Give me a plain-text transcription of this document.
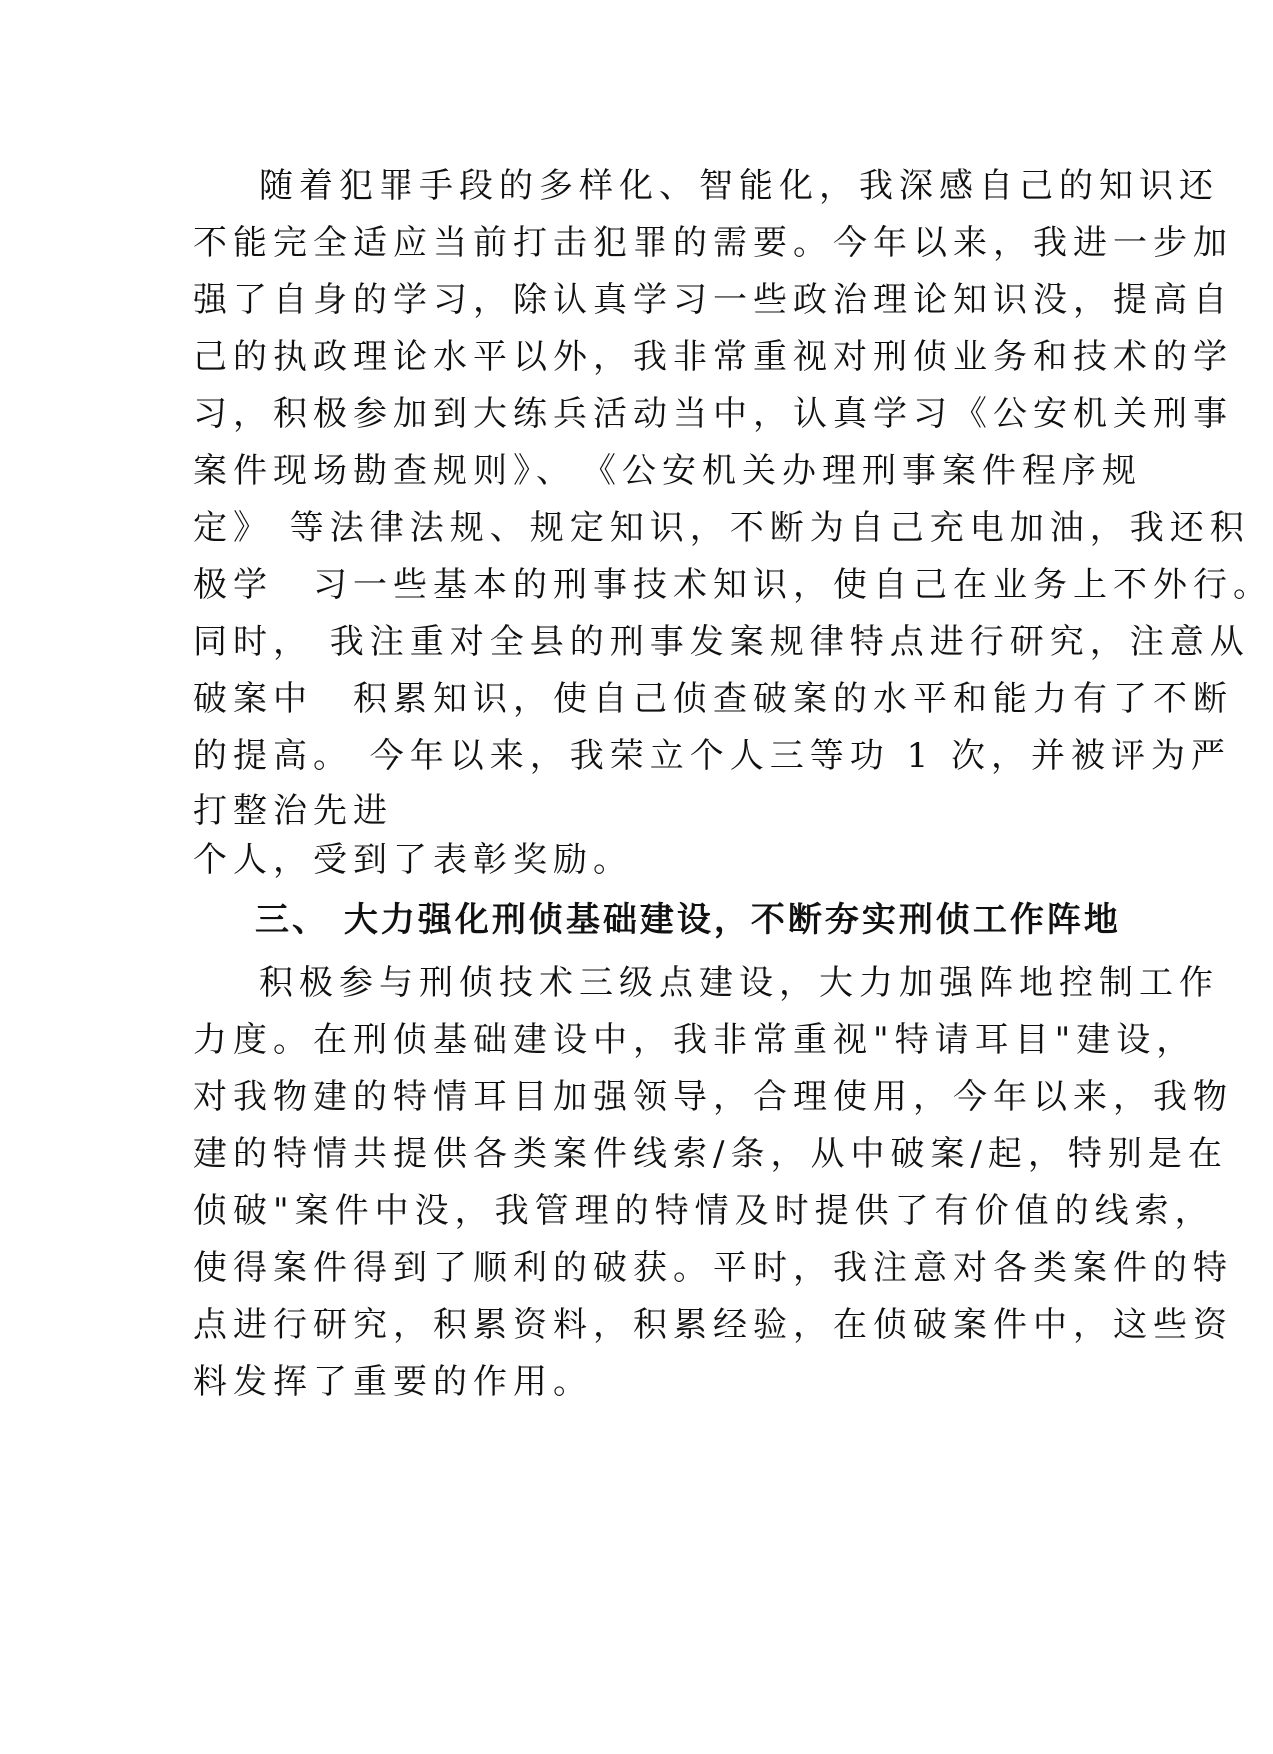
随着犯罪手段的多样化、智能化，我深感自己的知识还
不能完全适应当前打击犯罪的需要。今年以来，我进一步加
强了自身的学习，除认真学习一些政治理论知识没，提高自
己的执政理论水平以外，我非常重视对刑侦业务和技术的学
习，积极参加到大练兵活动当中，认真学习《公安机关刑事
案件现场勘查规则》、　《公安机关办理刑事案件程序规
定》 等法律法规、规定知识，不断为自己充电加油，我还积
极学　习一些基本的刑事技术知识，使自己在业务上不外行。
同时， 我注重对全县的刑事发案规律特点进行研究，注意从
破案中　积累知识，使自己侦查破案的水平和能力有了不断
的提高。 今年以来，我荣立个人三等功 1 次，并被评为严
打整治先进
个人，受到了表彰奖励。
三、 大力强化刑侦基础建设，不断夯实刑侦工作阵地
积极参与刑侦技术三级点建设，大力加强阵地控制工作
力度。在刑侦基础建设中，我非常重视"特请耳目"建设，
对我物建的特情耳目加强领导，合理使用，今年以来，我物
建的特情共提供各类案件线索/条，从中破案/起，特别是在
侦破"案件中没，我管理的特情及时提供了有价值的线索，
使得案件得到了顺利的破获。平时，我注意对各类案件的特
点进行研究，积累资料，积累经验，在侦破案件中，这些资
料发挥了重要的作用。
